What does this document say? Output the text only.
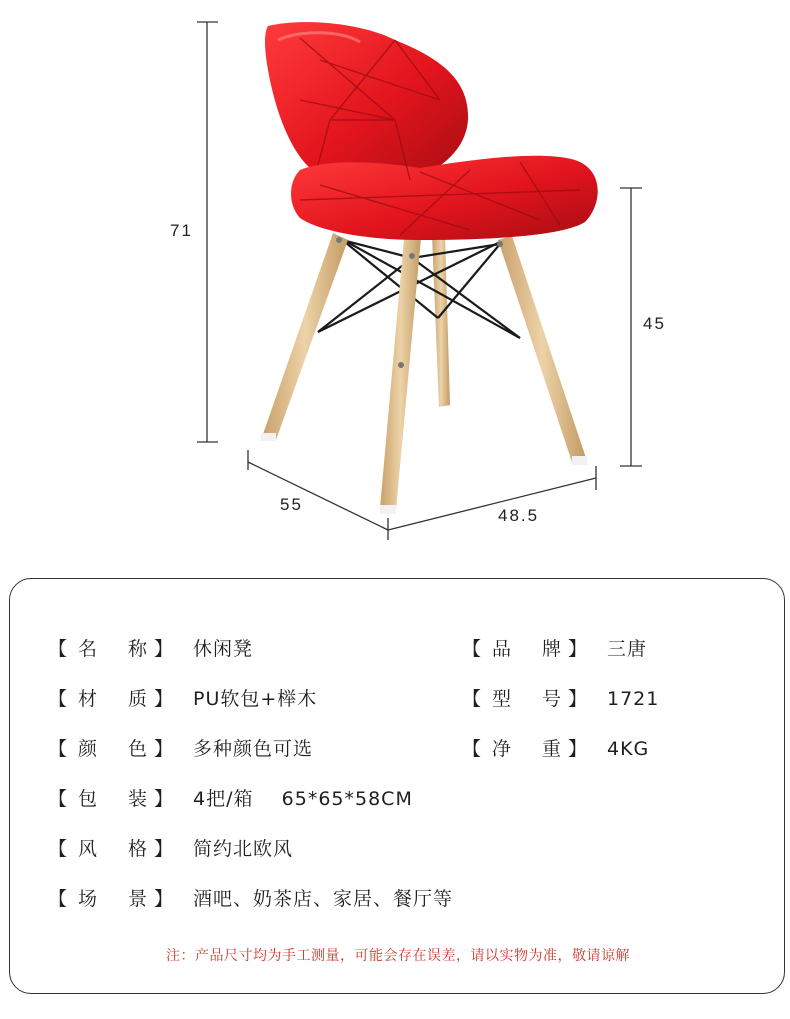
71
45
55
48.5
【 名 称 】 休闲凳	【 品 牌 】 三唐
【 材 质 】 PU软包+榉木	【 型 号 】 1721
【 颜 色 】 多种颜色可选	【 净 重 】 4KG
【 包 装 】 4把/箱    65*65*58CM
【 风 格 】 简约北欧风
【 场 景 】 酒吧、奶茶店、家居、餐厅等
注：产品尺寸均为手工测量，可能会存在误差，请以实物为准，敬请谅解
